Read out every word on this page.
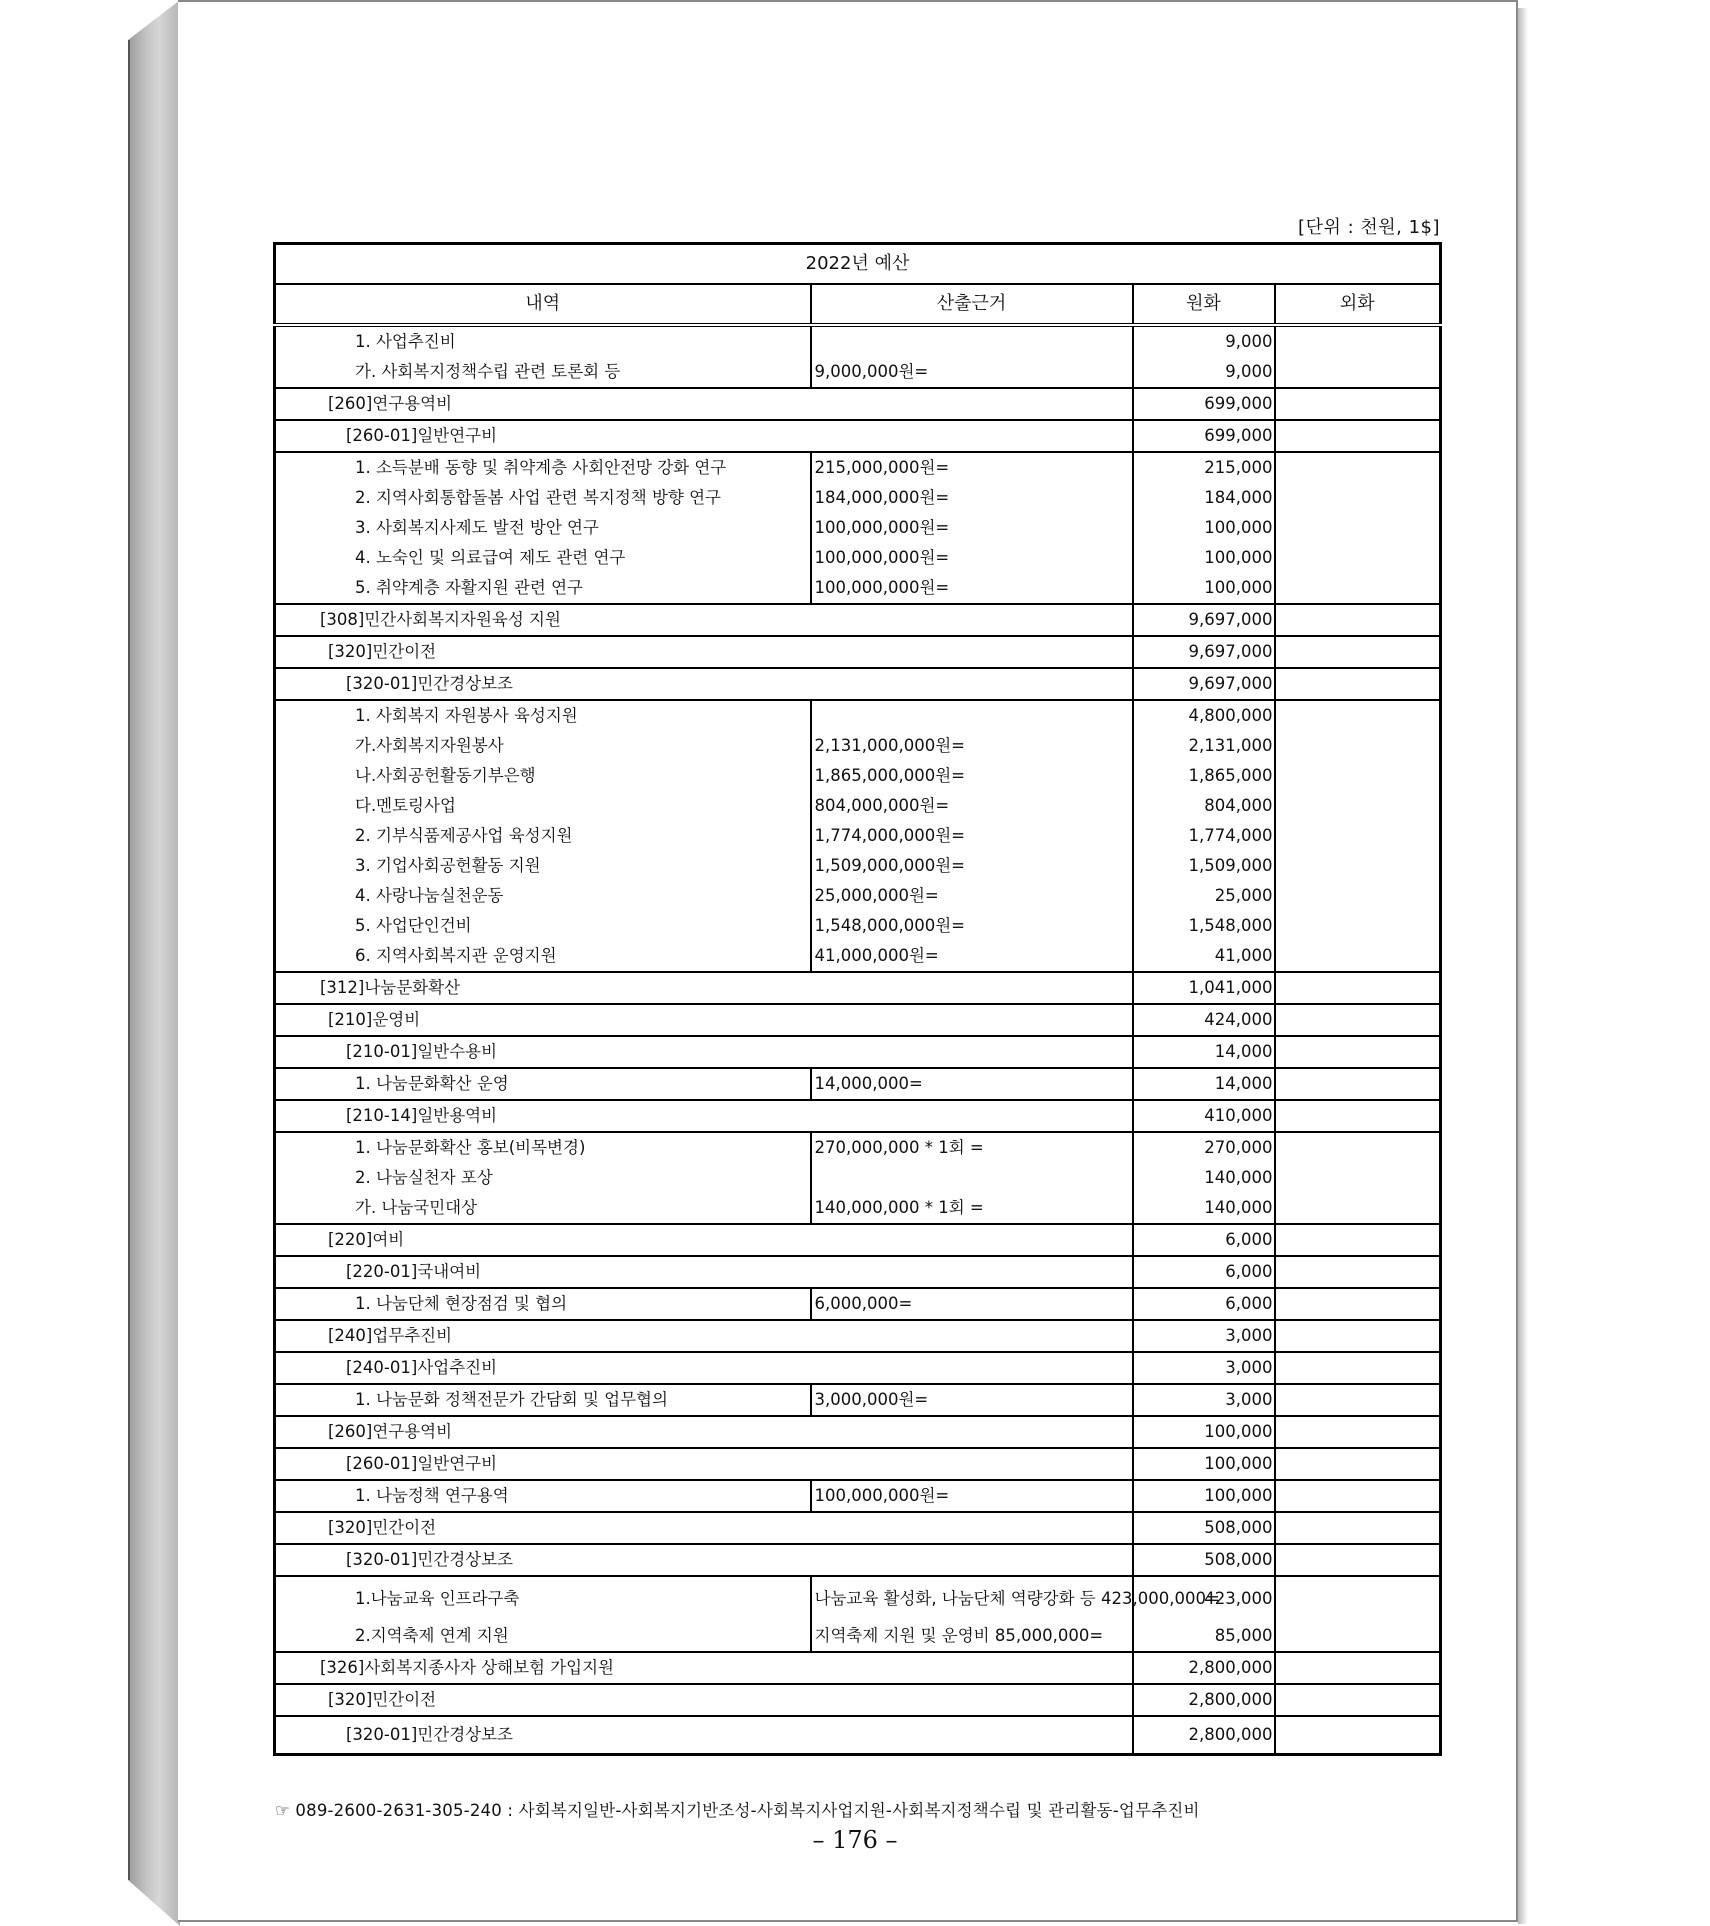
[단위 : 천원, 1$]
2022년 예산			
내역	산출근거	원화	외화
1. 사업추진비		9,000	
가. 사회복지정책수립 관련 토론회 등	9,000,000원=	9,000	
[260]연구용역비		699,000	
[260-01]일반연구비		699,000	
1. 소득분배 동향 및 취약계층 사회안전망 강화 연구	215,000,000원=	215,000	
2. 지역사회통합돌봄 사업 관련 복지정책 방향 연구	184,000,000원=	184,000	
3. 사회복지사제도 발전 방안 연구	100,000,000원=	100,000	
4. 노숙인 및 의료급여 제도 관련 연구	100,000,000원=	100,000	
5. 취약계층 자활지원 관련 연구	100,000,000원=	100,000	
[308]민간사회복지자원육성 지원		9,697,000	
[320]민간이전		9,697,000	
[320-01]민간경상보조		9,697,000	
1. 사회복지 자원봉사 육성지원		4,800,000	
가.사회복지자원봉사	2,131,000,000원=	2,131,000	
나.사회공헌활동기부은행	1,865,000,000원=	1,865,000	
다.멘토링사업	804,000,000원=	804,000	
2. 기부식품제공사업 육성지원	1,774,000,000원=	1,774,000	
3. 기업사회공헌활동 지원	1,509,000,000원=	1,509,000	
4. 사랑나눔실천운동	25,000,000원=	25,000	
5. 사업단인건비	1,548,000,000원=	1,548,000	
6. 지역사회복지관 운영지원	41,000,000원=	41,000	
[312]나눔문화확산		1,041,000	
[210]운영비		424,000	
[210-01]일반수용비		14,000	
1. 나눔문화확산 운영	14,000,000=	14,000	
[210-14]일반용역비		410,000	
1. 나눔문화확산 홍보(비목변경)	270,000,000 * 1회 =	270,000	
2. 나눔실천자 포상		140,000	
가. 나눔국민대상	140,000,000 * 1회 =	140,000	
[220]여비		6,000	
[220-01]국내여비		6,000	
1. 나눔단체 현장점검 및 협의	6,000,000=	6,000	
[240]업무추진비		3,000	
[240-01]사업추진비		3,000	
1. 나눔문화 정책전문가 간담회 및 업무협의	3,000,000원=	3,000	
[260]연구용역비		100,000	
[260-01]일반연구비		100,000	
1. 나눔정책 연구용역	100,000,000원=	100,000	
[320]민간이전		508,000	
[320-01]민간경상보조		508,000	
1.나눔교육 인프라구축	나눔교육 활성화, 나눔단체 역량강화 등 423,000,000=	423,000	
2.지역축제 연계 지원	지역축제 지원 및 운영비 85,000,000=	85,000	
[326]사회복지종사자 상해보험 가입지원		2,800,000	
[320]민간이전		2,800,000	
[320-01]민간경상보조		2,800,000	
☞ 089-2600-2631-305-240 : 사회복지일반-사회복지기반조성-사회복지사업지원-사회복지정책수립 및 관리활동-업무추진비
– 176 –
